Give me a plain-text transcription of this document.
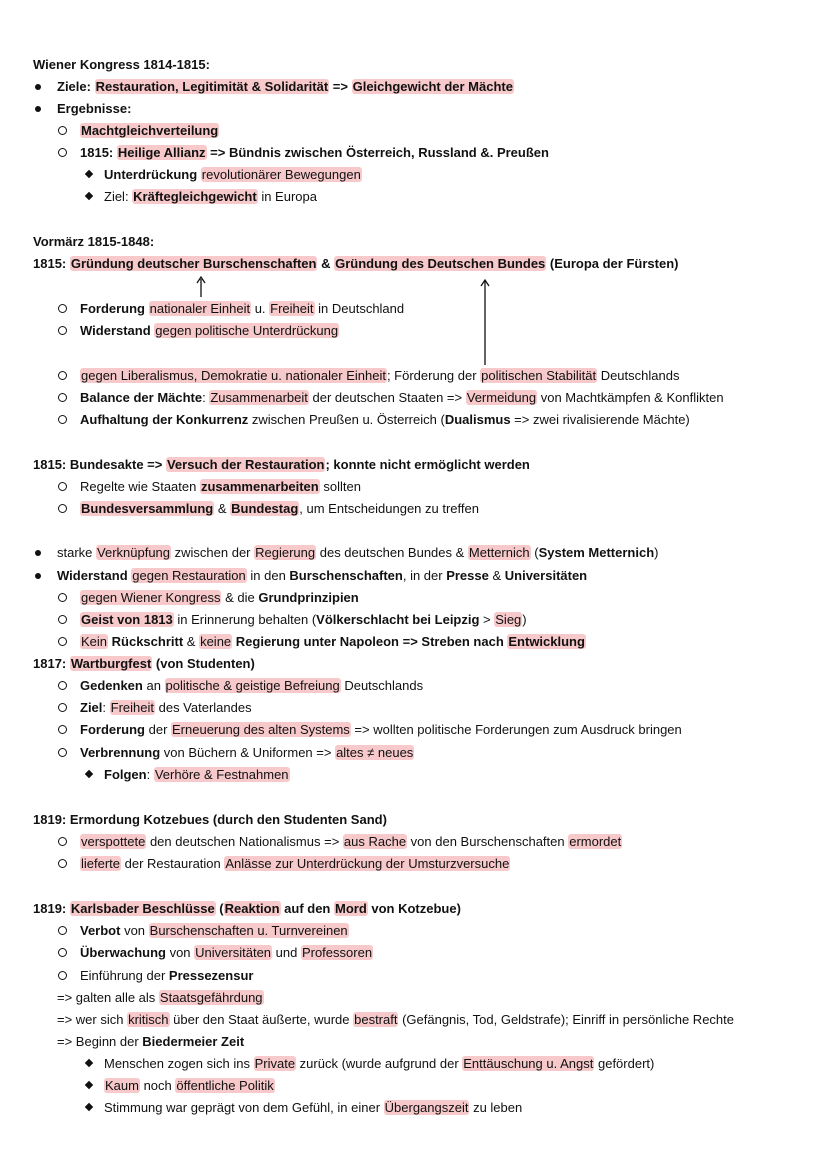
Wiener Kongress 1814-1815:
Ziele: Restauration, Legitimität & Solidarität => Gleichgewicht der Mächte
Ergebnisse:
Machtgleichverteilung
1815: Heilige Allianz => Bündnis zwischen Österreich, Russland &. Preußen
Unterdrückung revolutionärer Bewegungen
Ziel: Kräftegleichgewicht in Europa
Vormärz 1815-1848:
1815: Gründung deutscher Burschenschaften & Gründung des Deutschen Bundes (Europa der Fürsten)
Forderung nationaler Einheit u. Freiheit in Deutschland
Widerstand gegen politische Unterdrückung
gegen Liberalismus, Demokratie u. nationaler Einheit; Förderung der politischen Stabilität Deutschlands
Balance der Mächte: Zusammenarbeit der deutschen Staaten => Vermeidung von Machtkämpfen & Konflikten
Aufhaltung der Konkurrenz zwischen Preußen u. Österreich (Dualismus => zwei rivalisierende Mächte)
1815: Bundesakte => Versuch der Restauration; konnte nicht ermöglicht werden
Regelte wie Staaten zusammenarbeiten sollten
Bundesversammlung & Bundestag, um Entscheidungen zu treffen
starke Verknüpfung zwischen der Regierung des deutschen Bundes & Metternich (System Metternich)
Widerstand gegen Restauration in den Burschenschaften, in der Presse & Universitäten
gegen Wiener Kongress & die Grundprinzipien
Geist von 1813 in Erinnerung behalten (Völkerschlacht bei Leipzig > Sieg)
Kein Rückschritt & keine Regierung unter Napoleon => Streben nach Entwicklung
1817: Wartburgfest (von Studenten)
Gedenken an politische & geistige Befreiung Deutschlands
Ziel: Freiheit des Vaterlandes
Forderung der Erneuerung des alten Systems => wollten politische Forderungen zum Ausdruck bringen
Verbrennung von Büchern & Uniformen => altes ≠ neues
Folgen: Verhöre & Festnahmen
1819: Ermordung Kotzebues (durch den Studenten Sand)
verspottete den deutschen Nationalismus => aus Rache von den Burschenschaften ermordet
lieferte der Restauration Anlässe zur Unterdrückung der Umsturzversuche
1819: Karlsbader Beschlüsse (Reaktion auf den Mord von Kotzebue)
Verbot von Burschenschaften u. Turnvereinen
Überwachung von Universitäten und Professoren
Einführung der Pressezensur
=> galten alle als Staatsgefährdung
=> wer sich kritisch über den Staat äußerte, wurde bestraft (Gefängnis, Tod, Geldstrafe); Einriff in persönliche Rechte
=> Beginn der Biedermeier Zeit
Menschen zogen sich ins Private zurück (wurde aufgrund der Enttäuschung u. Angst gefördert)
Kaum noch öffentliche Politik
Stimmung war geprägt von dem Gefühl, in einer Übergangszeit zu leben
